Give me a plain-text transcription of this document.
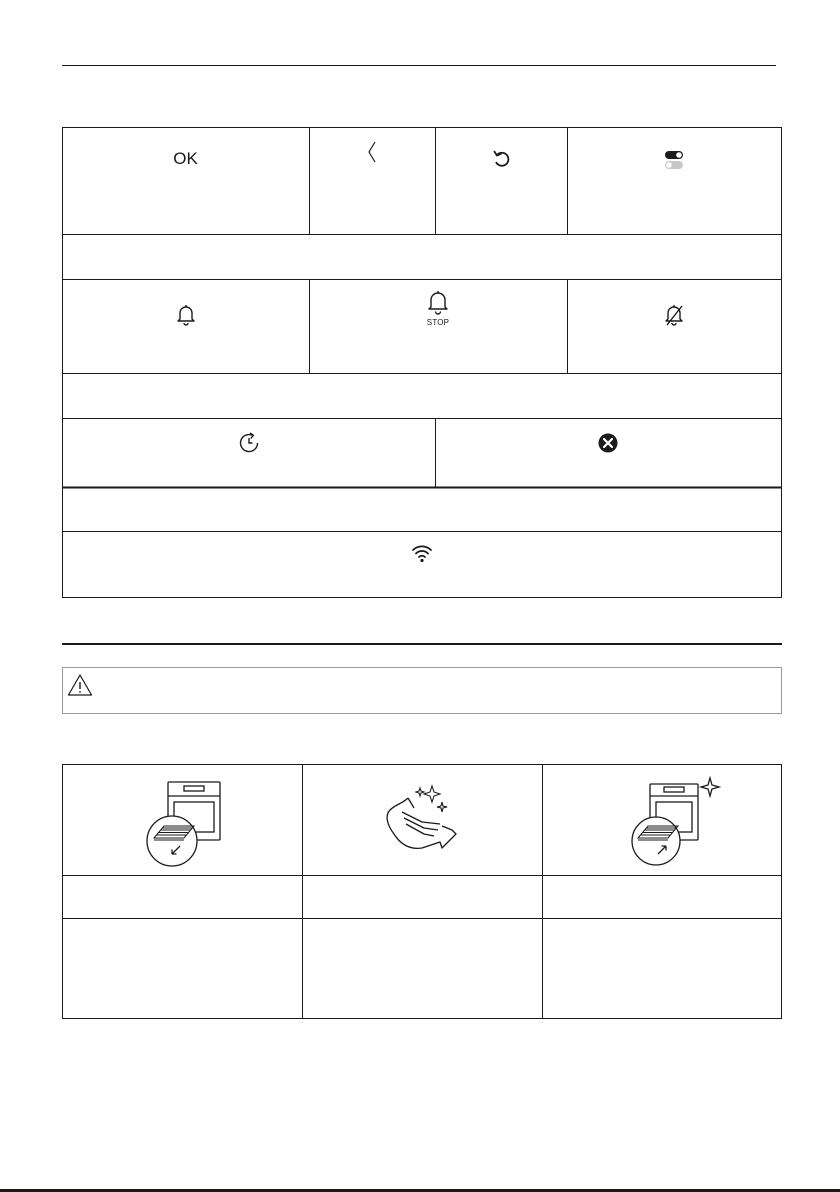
OK
STOP
